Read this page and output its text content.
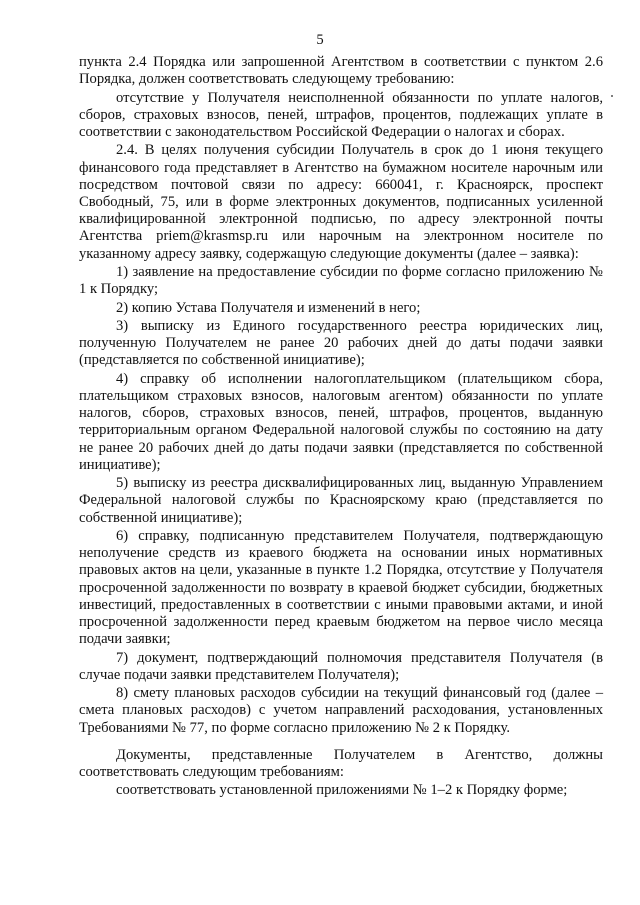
5

пункта 2.4 Порядка или запрошенной Агентством в соответствии с пунктом 2.6 Порядка, должен соответствовать следующему требованию:

отсутствие у Получателя неисполненной обязанности по уплате налогов, сборов, страховых взносов, пеней, штрафов, процентов, подлежащих уплате в соответствии с законодательством Российской Федерации о налогах и сборах.

2.4. В целях получения субсидии Получатель в срок до 1 июня текущего финансового года представляет в Агентство на бумажном носителе нарочным или посредством почтовой связи по адресу: 660041, г. Красноярск, проспект Свободный, 75, или в форме электронных документов, подписанных усиленной квалифицированной электронной подписью, по адресу электронной почты Агентства priem@krasmsp.ru или нарочным на электронном носителе по указанному адресу заявку, содержащую следующие документы (далее – заявка):

1) заявление на предоставление субсидии по форме согласно приложению № 1 к Порядку;

2) копию Устава Получателя и изменений в него;

3) выписку из Единого государственного реестра юридических лиц, полученную Получателем не ранее 20 рабочих дней до даты подачи заявки (представляется по собственной инициативе);

4) справку об исполнении налогоплательщиком (плательщиком сбора, плательщиком страховых взносов, налоговым агентом) обязанности по уплате налогов, сборов, страховых взносов, пеней, штрафов, процентов, выданную территориальным органом Федеральной налоговой службы по состоянию на дату не ранее 20 рабочих дней до даты подачи заявки (представляется по собственной инициативе);

5) выписку из реестра дисквалифицированных лиц, выданную Управлением Федеральной налоговой службы по Красноярскому краю (представляется по собственной инициативе);

6) справку, подписанную представителем Получателя, подтверждающую неполучение средств из краевого бюджета на основании иных нормативных правовых актов на цели, указанные в пункте 1.2 Порядка, отсутствие у Получателя просроченной задолженности по возврату в краевой бюджет субсидии, бюджетных инвестиций, предоставленных в соответствии с иными правовыми актами, и иной просроченной задолженности перед краевым бюджетом на первое число месяца подачи заявки;

7) документ, подтверждающий полномочия представителя Получателя (в случае подачи заявки представителем Получателя);

8) смету плановых расходов субсидии на текущий финансовый год (далее – смета плановых расходов) с учетом направлений расходования, установленных Требованиями № 77, по форме согласно приложению № 2 к Порядку.

Документы, представленные Получателем в Агентство, должны соответствовать следующим требованиям:

соответствовать установленной приложениями № 1–2 к Порядку форме;
